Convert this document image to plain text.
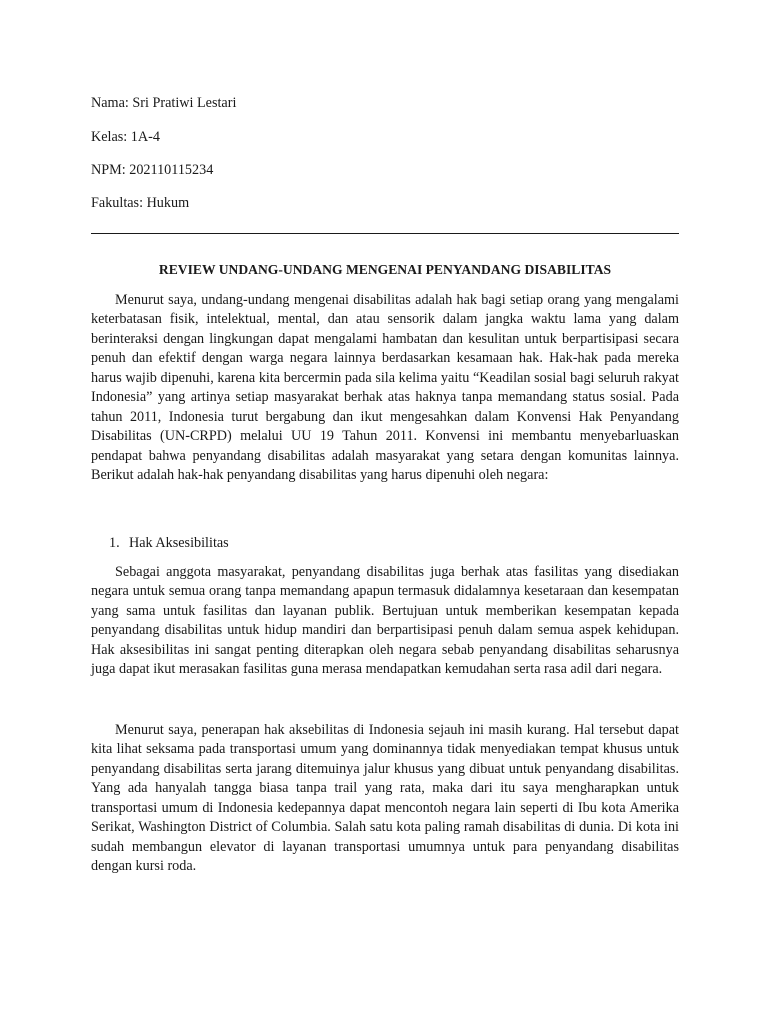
Nama: Sri Pratiwi Lestari
Kelas: 1A-4
NPM: 202110115234
Fakultas: Hukum
REVIEW UNDANG-UNDANG MENGENAI PENYANDANG DISABILITAS

Menurut saya, undang-undang mengenai disabilitas adalah hak bagi setiap orang yang mengalami keterbatasan fisik, intelektual, mental, dan atau sensorik dalam jangka waktu lama yang dalam berinteraksi dengan lingkungan dapat mengalami hambatan dan kesulitan untuk berpartisipasi secara penuh dan efektif dengan warga negara lainnya berdasarkan kesamaan hak. Hak-hak pada mereka harus wajib dipenuhi, karena kita bercermin pada sila kelima yaitu “Keadilan sosial bagi seluruh rakyat Indonesia” yang artinya setiap masyarakat berhak atas haknya tanpa memandang status sosial. Pada tahun 2011, Indonesia turut bergabung dan ikut mengesahkan dalam Konvensi Hak Penyandang Disabilitas (UN-CRPD) melalui UU 19 Tahun 2011. Konvensi ini membantu menyebarluaskan pendapat bahwa penyandang disabilitas adalah masyarakat yang setara dengan komunitas lainnya. Berikut adalah hak-hak penyandang disabilitas yang harus dipenuhi oleh negara:

1. Hak Aksesibilitas

Sebagai anggota masyarakat, penyandang disabilitas juga berhak atas fasilitas yang disediakan negara untuk semua orang tanpa memandang apapun termasuk didalamnya kesetaraan dan kesempatan yang sama untuk fasilitas dan layanan publik. Bertujuan untuk memberikan kesempatan kepada penyandang disabilitas untuk hidup mandiri dan berpartisipasi penuh dalam semua aspek kehidupan. Hak aksesibilitas ini sangat penting diterapkan oleh negara sebab penyandang disabilitas seharusnya juga dapat ikut merasakan fasilitas guna merasa mendapatkan kemudahan serta rasa adil dari negara.

Menurut saya, penerapan hak aksebilitas di Indonesia sejauh ini masih kurang. Hal tersebut dapat kita lihat seksama pada transportasi umum yang dominannya tidak menyediakan tempat khusus untuk penyandang disabilitas serta jarang ditemuinya jalur khusus yang dibuat untuk penyandang disabilitas. Yang ada hanyalah tangga biasa tanpa trail yang rata, maka dari itu saya mengharapkan untuk transportasi umum di Indonesia kedepannya dapat mencontoh negara lain seperti di Ibu kota Amerika Serikat, Washington District of Columbia. Salah satu kota paling ramah disabilitas di dunia. Di kota ini sudah membangun elevator di layanan transportasi umumnya untuk para penyandang disabilitas dengan kursi roda.
